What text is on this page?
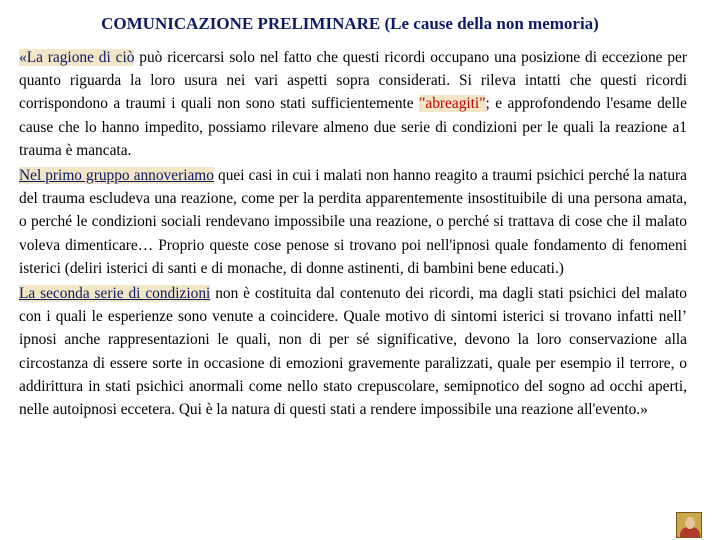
COMUNICAZIONE PRELIMINARE (Le cause della non memoria)

«La ragione di ciò può ricercarsi solo nel fatto che questi ricordi occupano una posizione di eccezione per quanto riguarda la loro usura nei vari aspetti sopra considerati. Si rileva intatti che questi ricordi corrispondono a traumi i quali non sono stati sufficientemente "abreagiti"; e approfondendo l'esame delle cause che lo hanno impedito, possiamo rilevare almeno due serie di condizioni per le quali la reazione a1 trauma è mancata.

Nel primo gruppo annoveriamo quei casi in cui i malati non hanno reagito a traumi psichici perché la natura del trauma escludeva una reazione, come per la perdita apparentemente insostituibile di una persona amata, o perché le condizioni sociali rendevano impossibile una reazione, o perché si trattava di cose che il malato voleva dimenticare… Proprio queste cose penose si trovano poi nell'ipnosi quale fondamento di fenomeni isterici (deliri isterici di santi e di monache, di donne astinenti, di bambini bene educati.)

La seconda serie di condizioni non è costituita dal contenuto dei ricordi, ma dagli stati psichici del malato con i quali le esperienze sono venute a coincidere. Quale motivo di sintomi isterici si trovano infatti nell’ ipnosi anche rappresentazioni le quali, non di per sé significative, devono la loro conservazione alla circostanza di essere sorte in occasione di emozioni gravemente paralizzati, quale per esempio il terrore, o addirittura in stati psichici anormali come nello stato crepuscolare, semipnotico del sogno ad occhi aperti, nelle autoipnosi eccetera. Qui è la natura di questi stati a rendere impossibile una reazione all'evento.»
